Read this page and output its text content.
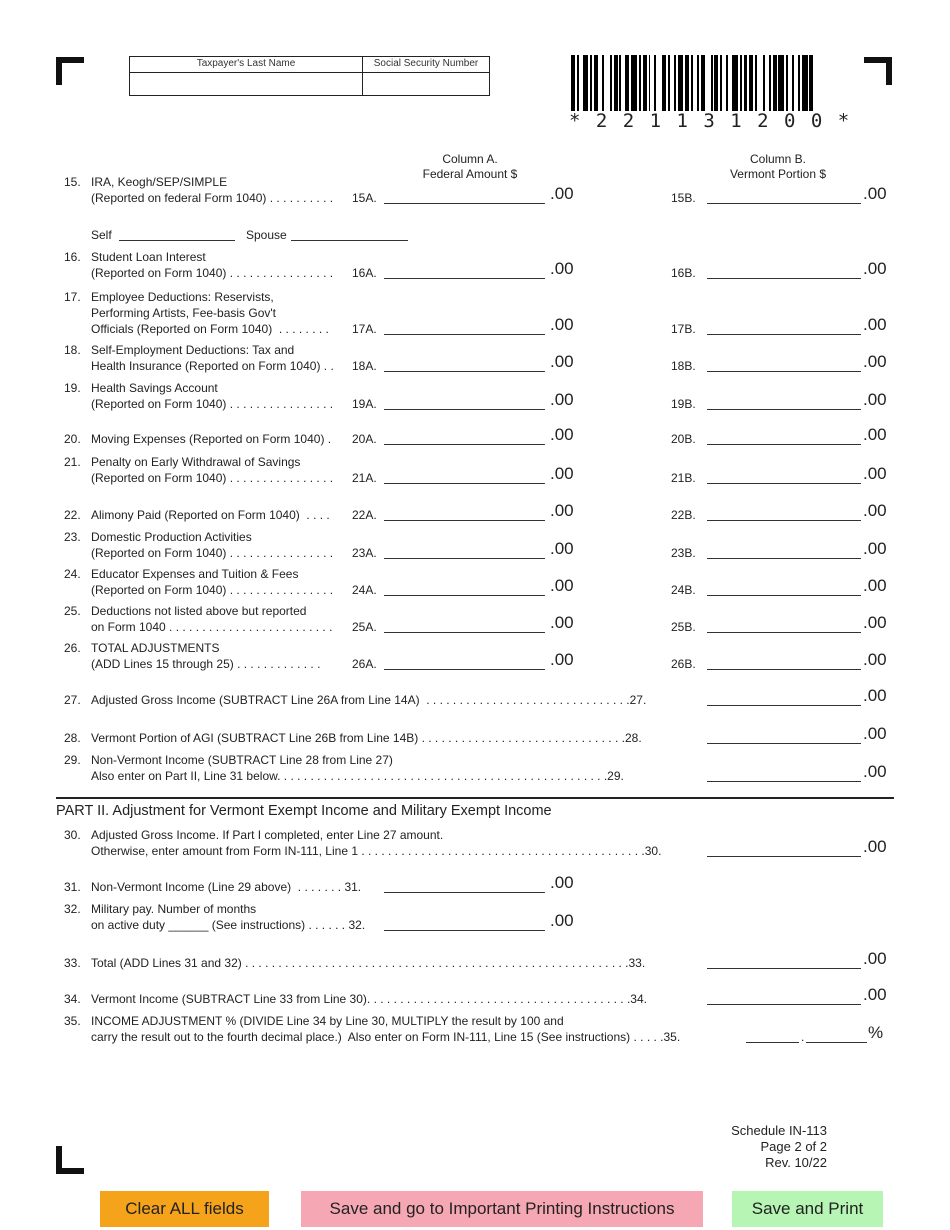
Taxpayer's Last Name	Social Security Number
* 2 2 1 1 3 1 2 0 0 *
Column A.
Federal Amount $
Column B.
Vermont Portion $
15. IRA, Keogh/SEP/SIMPLE
(Reported on federal Form 1040) . . . . . . . . . . 15A.	.00	15B.	.00
16. Student Loan Interest
(Reported on Form 1040) . . . . . . . . . . . . . . . . 16A.	.00	16B.	.00
17. Employee Deductions: Reservists,
Performing Artists, Fee-basis Gov't
Officials (Reported on Form 1040)  . . . . . . . . 17A.	.00	17B.	.00
18. Self-Employment Deductions: Tax and
Health Insurance (Reported on Form 1040) . . 18A.	.00	18B.	.00
19. Health Savings Account
(Reported on Form 1040) . . . . . . . . . . . . . . . . 19A.	.00	19B.	.00
20. Moving Expenses (Reported on Form 1040) . 20A.	.00	20B.	.00
21. Penalty on Early Withdrawal of Savings
(Reported on Form 1040) . . . . . . . . . . . . . . . . 21A.	.00	21B.	.00
22. Alimony Paid (Reported on Form 1040)  . . . . 22A.	.00	22B.	.00
23. Domestic Production Activities
(Reported on Form 1040) . . . . . . . . . . . . . . . . 23A.	.00	23B.	.00
24. Educator Expenses and Tuition & Fees
(Reported on Form 1040) . . . . . . . . . . . . . . . . 24A.	.00	24B.	.00
25. Deductions not listed above but reported
on Form 1040 . . . . . . . . . . . . . . . . . . . . . . . . . 25A.	.00	25B.	.00
26. TOTAL ADJUSTMENTS
(ADD Lines 15 through 25) . . . . . . . . . . . . .	26A.	.00	26B.	.00
Self	Spouse
27. Adjusted Gross Income (SUBTRACT Line 26A from Line 14A)  . . . . . . . . . . . . . . . . . . . . . . . . . . . . . . .27.	.00
28. Vermont Portion of AGI (SUBTRACT Line 26B from Line 14B) . . . . . . . . . . . . . . . . . . . . . . . . . . . . . . .28.	.00
29. Non-Vermont Income (SUBTRACT Line 28 from Line 27)
Also enter on Part II, Line 31 below. . . . . . . . . . . . . . . . . . . . . . . . . . . . . . . . . . . . . . . . . . . . . . . . . .29.	.00
PART II. Adjustment for Vermont Exempt Income and Military Exempt Income
30. Adjusted Gross Income. If Part I completed, enter Line 27 amount.
Otherwise, enter amount from Form IN-111, Line 1 . . . . . . . . . . . . . . . . . . . . . . . . . . . . . . . . . . . . . . . . . . .30.	.00
31. Non-Vermont Income (Line 29 above)  . . . . . . . 31.	.00
32. Military pay. Number of months
on active duty ______ (See instructions) . . . . . . 32.	.00
33. Total (ADD Lines 31 and 32) . . . . . . . . . . . . . . . . . . . . . . . . . . . . . . . . . . . . . . . . . . . . . . . . . . . . . . . . . .33.	.00
34. Vermont Income (SUBTRACT Line 33 from Line 30). . . . . . . . . . . . . . . . . . . . . . . . . . . . . . . . . . . . . . . .34.	.00
35. INCOME ADJUSTMENT % (DIVIDE Line 34 by Line 30, MULTIPLY the result by 100 and
carry the result out to the fourth decimal place.)  Also enter on Form IN-111, Line 15 (See instructions) . . . . .35.	.	%
Schedule IN-113
Page 2 of 2
Rev. 10/22
Clear ALL fields	Save and go to Important Printing Instructions	Save and Print
